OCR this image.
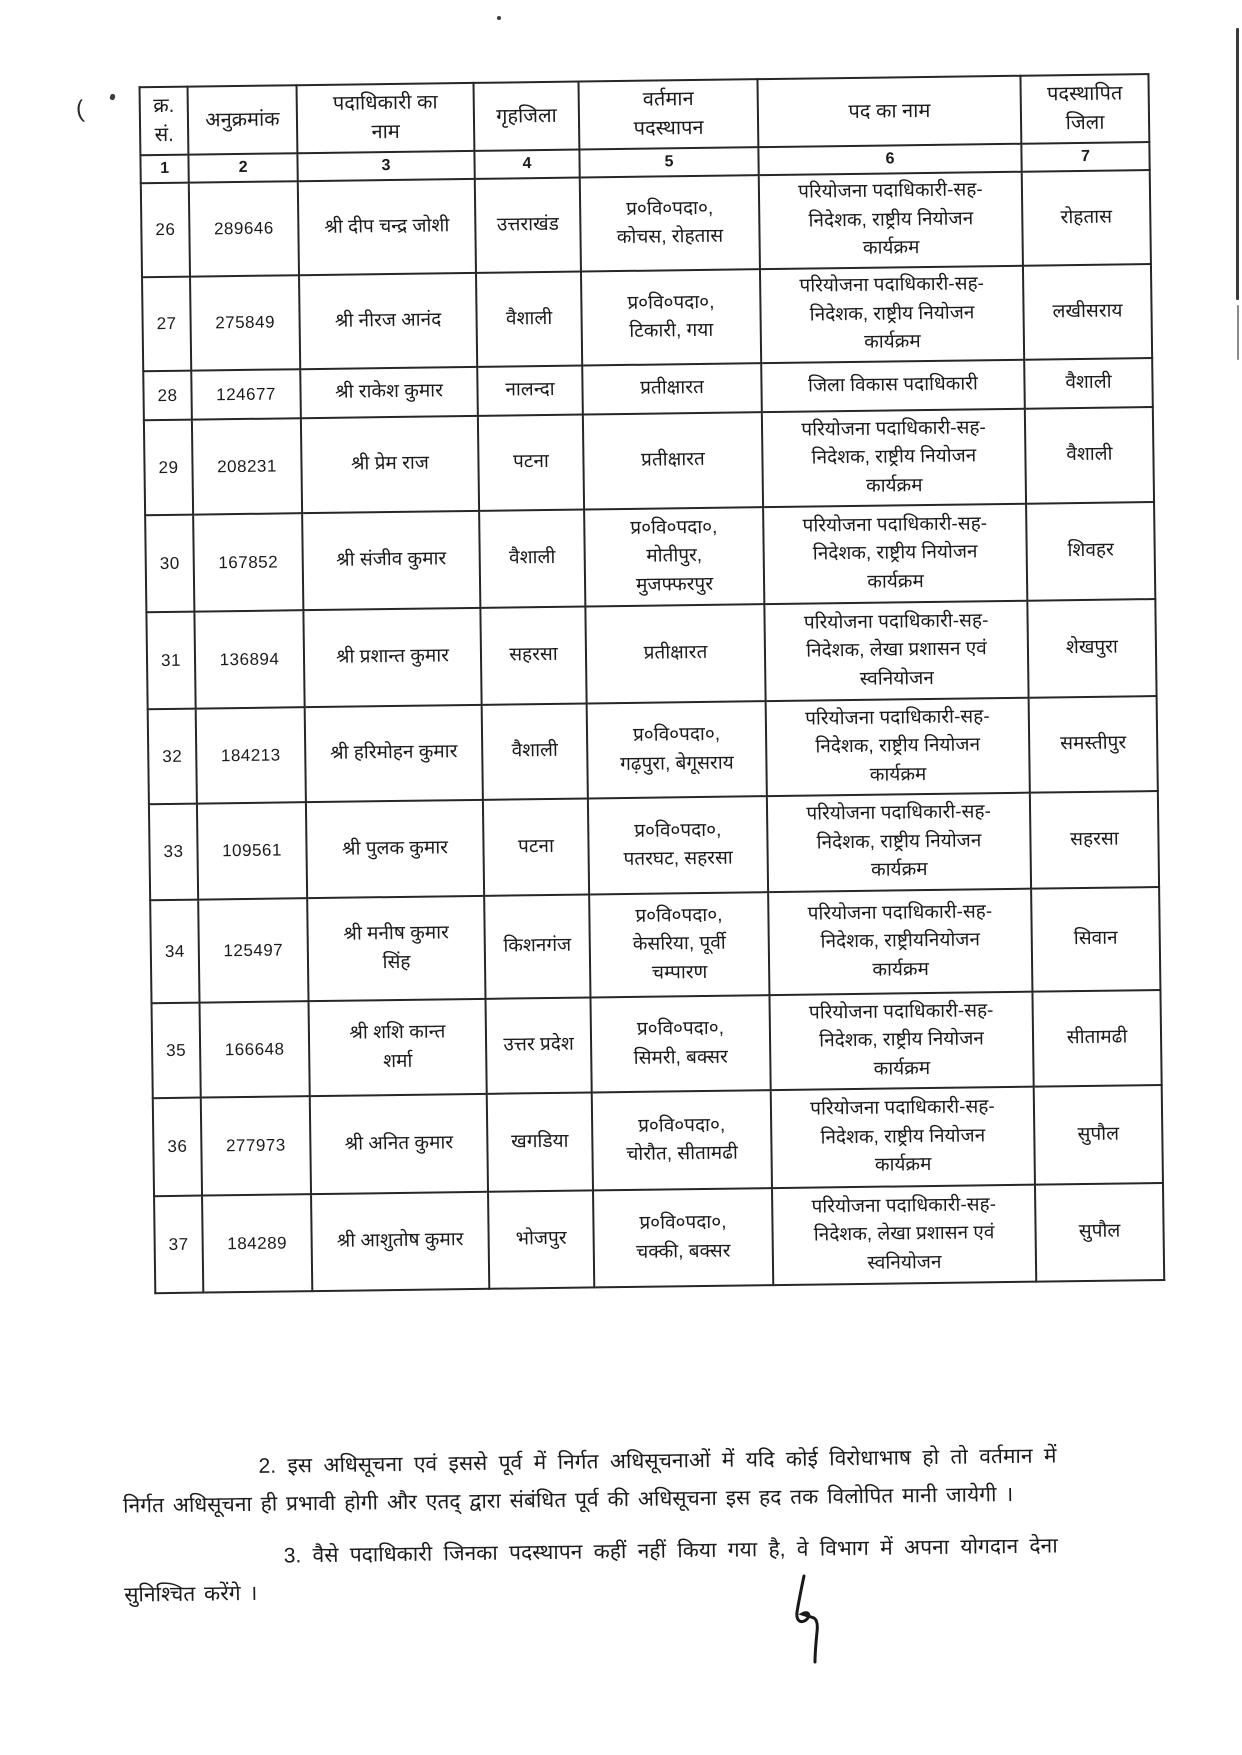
(	क्र.
सं.	अनुक्रमांक	पदाधिकारी का
नाम	गृहजिला	वर्तमान
पदस्थापन	पद का नाम	पदस्थापित
जिला
1	2	3	4	5	6	7
26	289646	श्री दीप चन्द्र जोशी	उत्तराखंड	प्र०वि०पदा०,
कोचस, रोहतास	परियोजना पदाधिकारी-सह-
निदेशक, राष्ट्रीय नियोजन
कार्यक्रम	रोहतास
27	275849	श्री नीरज आनंद	वैशाली	प्र०वि०पदा०,
टिकारी, गया	परियोजना पदाधिकारी-सह-
निदेशक, राष्ट्रीय नियोजन
कार्यक्रम	लखीसराय
28	124677	श्री राकेश कुमार	नालन्दा	प्रतीक्षारत	जिला विकास पदाधिकारी	वैशाली
29	208231	श्री प्रेम राज	पटना	प्रतीक्षारत	परियोजना पदाधिकारी-सह-
निदेशक, राष्ट्रीय नियोजन
कार्यक्रम	वैशाली
30	167852	श्री संजीव कुमार	वैशाली	प्र०वि०पदा०,
मोतीपुर,
मुजफ्फरपुर	परियोजना पदाधिकारी-सह-
निदेशक, राष्ट्रीय नियोजन
कार्यक्रम	शिवहर
31	136894	श्री प्रशान्त कुमार	सहरसा	प्रतीक्षारत	परियोजना पदाधिकारी-सह-
निदेशक, लेखा प्रशासन एवं
स्वनियोजन	शेखपुरा
32	184213	श्री हरिमोहन कुमार	वैशाली	प्र०वि०पदा०,
गढ़पुरा, बेगूसराय	परियोजना पदाधिकारी-सह-
निदेशक, राष्ट्रीय नियोजन
कार्यक्रम	समस्तीपुर
33	109561	श्री पुलक कुमार	पटना	प्र०वि०पदा०,
पतरघट, सहरसा	परियोजना पदाधिकारी-सह-
निदेशक, राष्ट्रीय नियोजन
कार्यक्रम	सहरसा
34	125497	श्री मनीष कुमार
सिंह	किशनगंज	प्र०वि०पदा०,
केसरिया, पूर्वी
चम्पारण	परियोजना पदाधिकारी-सह-
निदेशक, राष्ट्रीयनियोजन
कार्यक्रम	सिवान
35	166648	श्री शशि कान्त
शर्मा	उत्तर प्रदेश	प्र०वि०पदा०,
सिमरी, बक्सर	परियोजना पदाधिकारी-सह-
निदेशक, राष्ट्रीय नियोजन
कार्यक्रम	सीतामढी
36	277973	श्री अनित कुमार	खगडिया	प्र०वि०पदा०,
चोरौत, सीतामढी	परियोजना पदाधिकारी-सह-
निदेशक, राष्ट्रीय नियोजन
कार्यक्रम	सुपौल
37	184289	श्री आशुतोष कुमार	भोजपुर	प्र०वि०पदा०,
चक्की, बक्सर	परियोजना पदाधिकारी-सह-
निदेशक, लेखा प्रशासन एवं
स्वनियोजन	सुपौल

2. इस अधिसूचना एवं इससे पूर्व में निर्गत अधिसूचनाओं में यदि कोई विरोधाभाष हो तो वर्तमान में निर्गत अधिसूचना ही प्रभावी होगी और एतद् द्वारा संबंधित पूर्व की अधिसूचना इस हद तक विलोपित मानी जायेगी ।

3. वैसे पदाधिकारी जिनका पदस्थापन कहीं नहीं किया गया है, वे विभाग में अपना योगदान देना सुनिश्चित करेंगे ।
